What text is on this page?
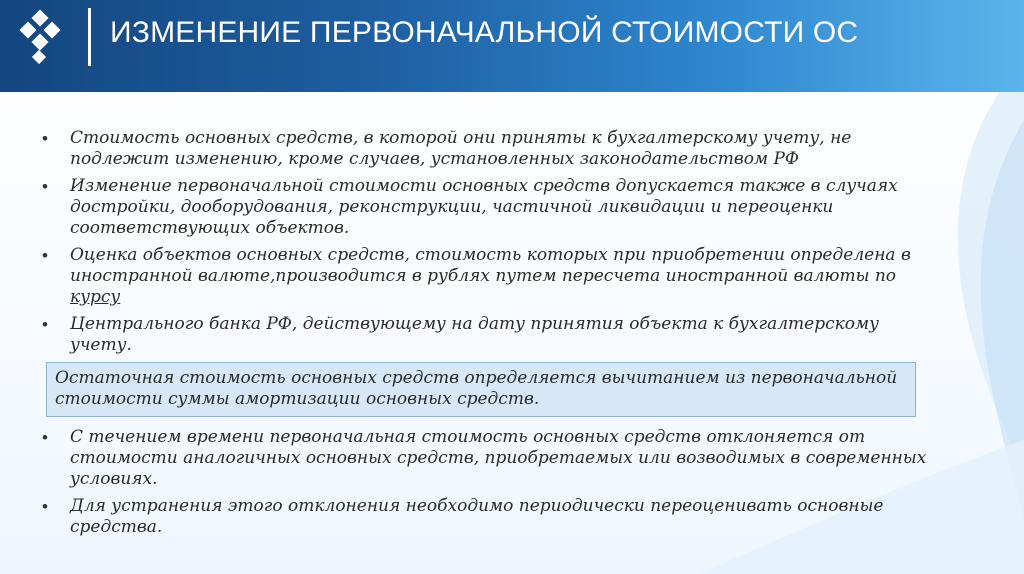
ИЗМЕНЕНИЕ ПЕРВОНАЧАЛЬНОЙ СТОИМОСТИ ОС

• Стоимость основных средств, в которой они приняты к бухгалтерскому учету, не подлежит изменению, кроме случаев, установленных законодательством РФ

• Изменение первоначальной стоимости основных средств допускается также в случаях достройки, дооборудования, реконструкции, частичной ликвидации и переоценки соответствующих объектов.

• Оценка объектов основных средств, стоимость которых при приобретении определена в иностранной валюте,производится в рублях путем пересчета иностранной валюты по курсу

• Центрального банка РФ, действующему на дату принятия объекта к бухгалтерскому учету.

Остаточная стоимость основных средств определяется вычитанием из первоначальной стоимости суммы амортизации основных средств.

• С течением времени первоначальная стоимость основных средств отклоняется от стоимости аналогичных основных средств, приобретаемых или возводимых в современных условиях.

• Для устранения этого отклонения необходимо периодически переоценивать основные средства.
